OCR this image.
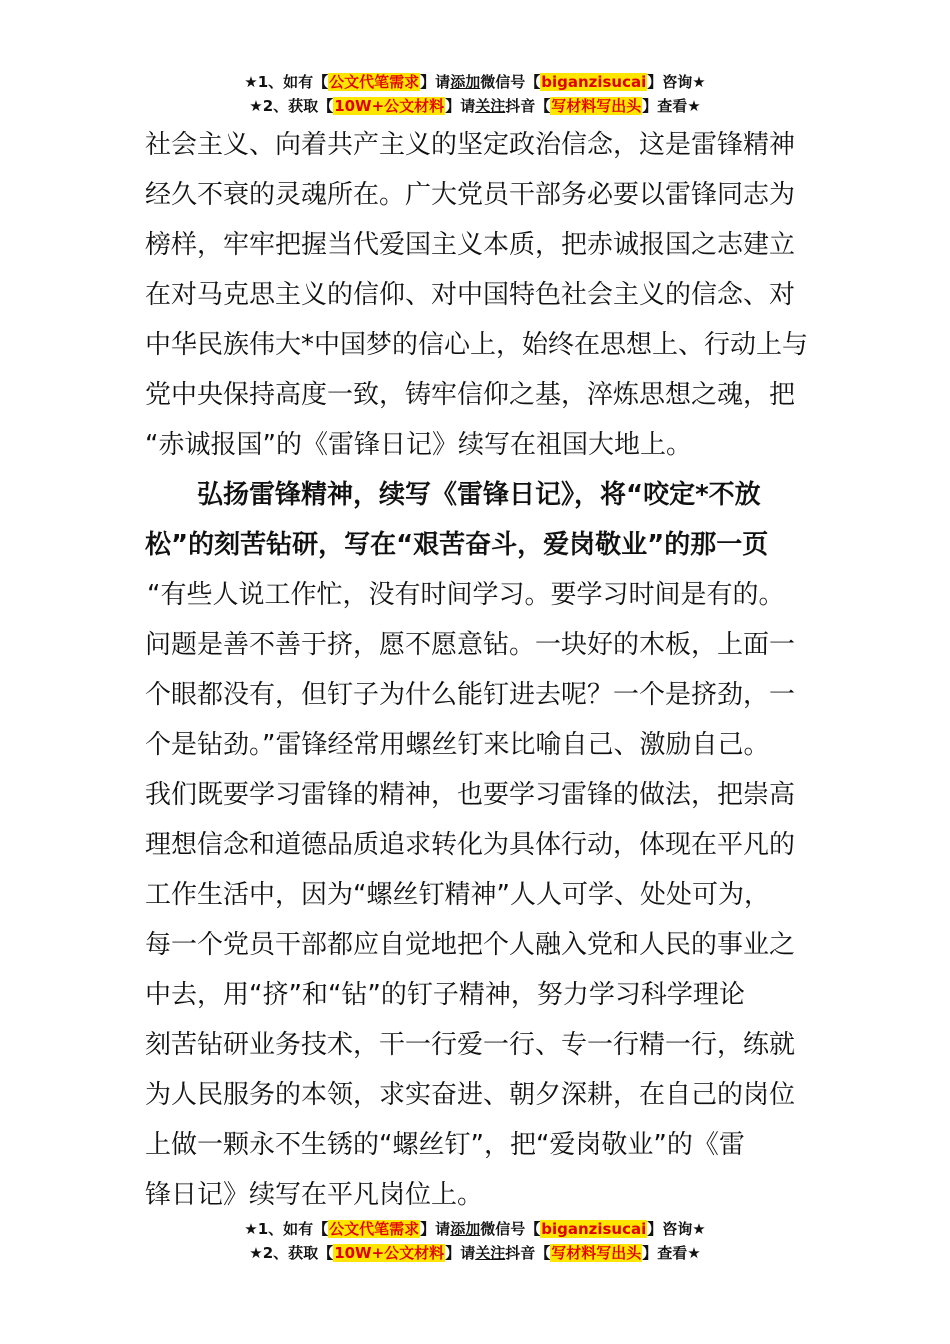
★1、如有【公文代笔需求】请添加微信号【biganzisucai】咨询★
★2、获取【10W+公文材料】请关注抖音【写材料写出头】查看★
社会主义、向着共产主义的坚定政治信念，这是雷锋精神
经久不衰的灵魂所在。广大党员干部务必要以雷锋同志为
榜样，牢牢把握当代爱国主义本质，把赤诚报国之志建立
在对马克思主义的信仰、对中国特色社会主义的信念、对
中华民族伟大*中国梦的信心上，始终在思想上、行动上与
党中央保持高度一致，铸牢信仰之基，淬炼思想之魂，把
“赤诚报国”的《雷锋日记》续写在祖国大地上。
弘扬雷锋精神，续写《雷锋日记》，将“咬定*不放
松”的刻苦钻研，写在“艰苦奋斗，爱岗敬业”的那一页
“有些人说工作忙，没有时间学习。要学习时间是有的。
问题是善不善于挤，愿不愿意钻。一块好的木板，上面一
个眼都没有，但钉子为什么能钉进去呢？一个是挤劲，一
个是钻劲。”雷锋经常用螺丝钉来比喻自己、激励自己。
我们既要学习雷锋的精神，也要学习雷锋的做法，把崇高
理想信念和道德品质追求转化为具体行动，体现在平凡的
工作生活中，因为“螺丝钉精神”人人可学、处处可为，
每一个党员干部都应自觉地把个人融入党和人民的事业之
中去，用“挤”和“钻”的钉子精神，努力学习科学理论
刻苦钻研业务技术，干一行爱一行、专一行精一行，练就
为人民服务的本领，求实奋进、朝夕深耕，在自己的岗位
上做一颗永不生锈的“螺丝钉”，把“爱岗敬业”的《雷
锋日记》续写在平凡岗位上。
★1、如有【公文代笔需求】请添加微信号【biganzisucai】咨询★
★2、获取【10W+公文材料】请关注抖音【写材料写出头】查看★
